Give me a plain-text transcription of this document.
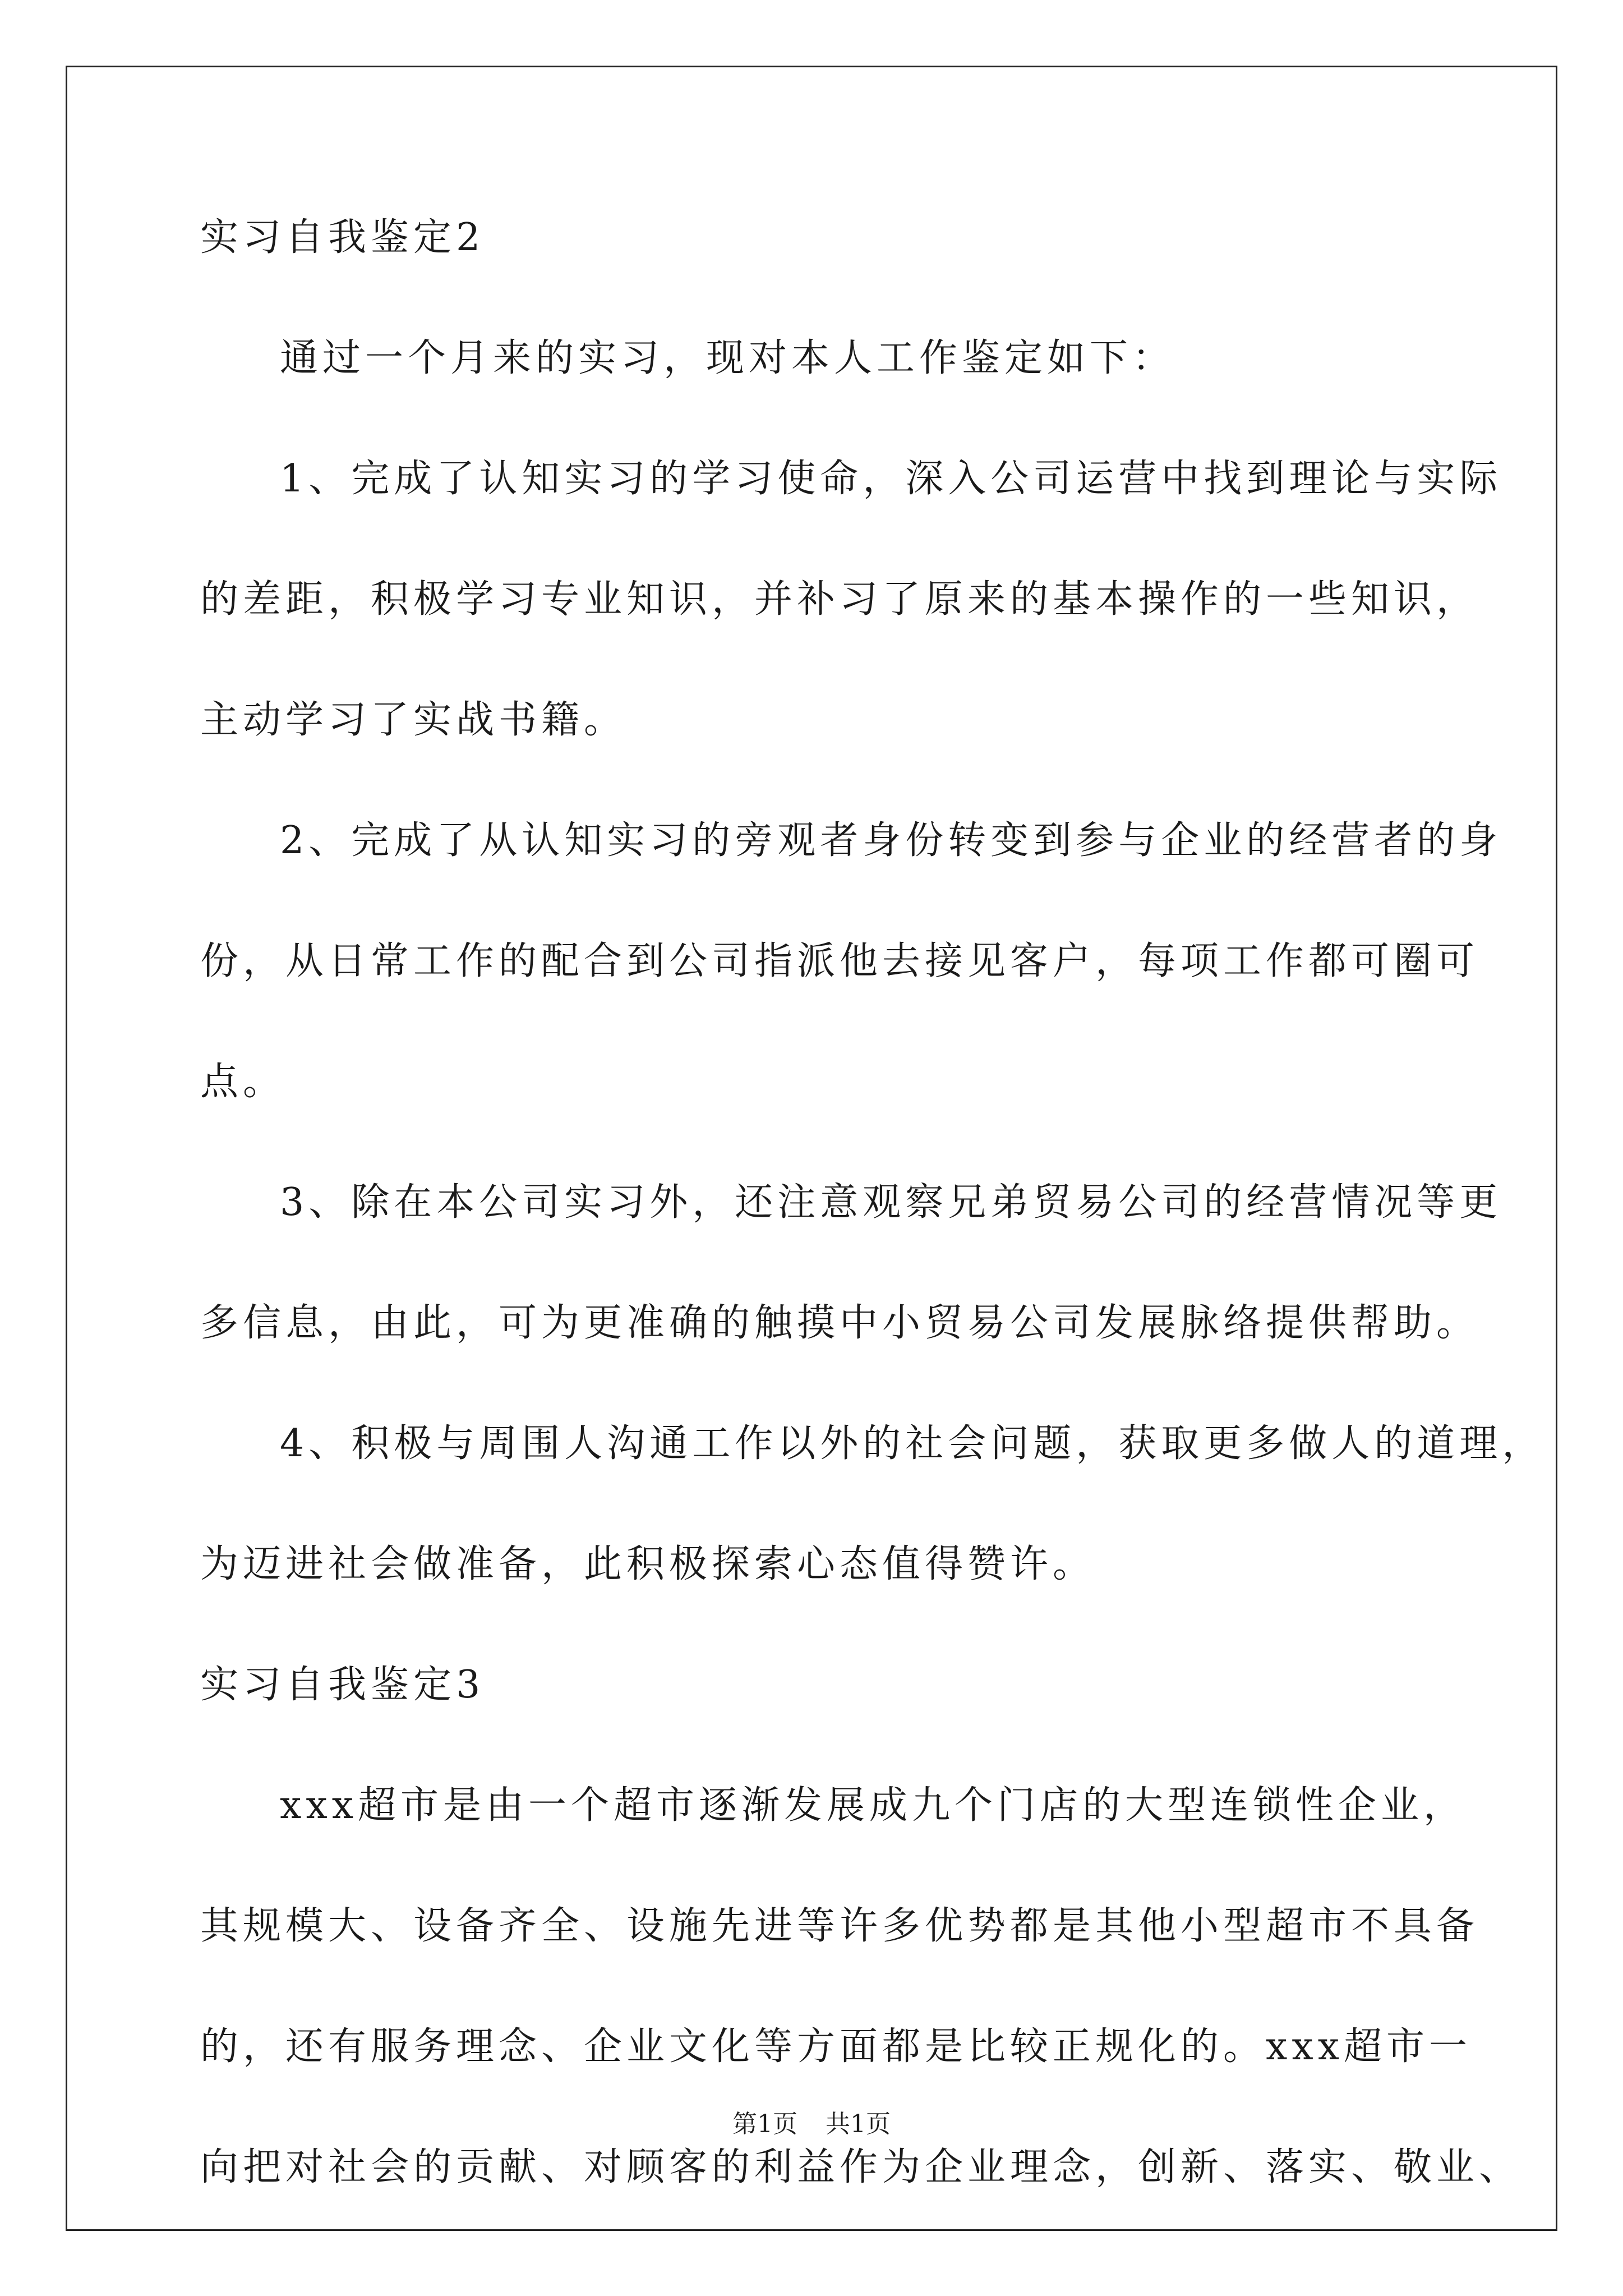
实习自我鉴定2
通过一个月来的实习，现对本人工作鉴定如下：
1、完成了认知实习的学习使命，深入公司运营中找到理论与实际
的差距，积极学习专业知识，并补习了原来的基本操作的一些知识，
主动学习了实战书籍。
2、完成了从认知实习的旁观者身份转变到参与企业的经营者的身
份，从日常工作的配合到公司指派他去接见客户，每项工作都可圈可
点。
3、除在本公司实习外，还注意观察兄弟贸易公司的经营情况等更
多信息，由此，可为更准确的触摸中小贸易公司发展脉络提供帮助。
4、积极与周围人沟通工作以外的社会问题，获取更多做人的道理，
为迈进社会做准备，此积极探索心态值得赞许。
实习自我鉴定3
xxx超市是由一个超市逐渐发展成九个门店的大型连锁性企业，
其规模大、设备齐全、设施先进等许多优势都是其他小型超市不具备
的，还有服务理念、企业文化等方面都是比较正规化的。xxx超市一
向把对社会的贡献、对顾客的利益作为企业理念，创新、落实、敬业、
第1页 共1页
